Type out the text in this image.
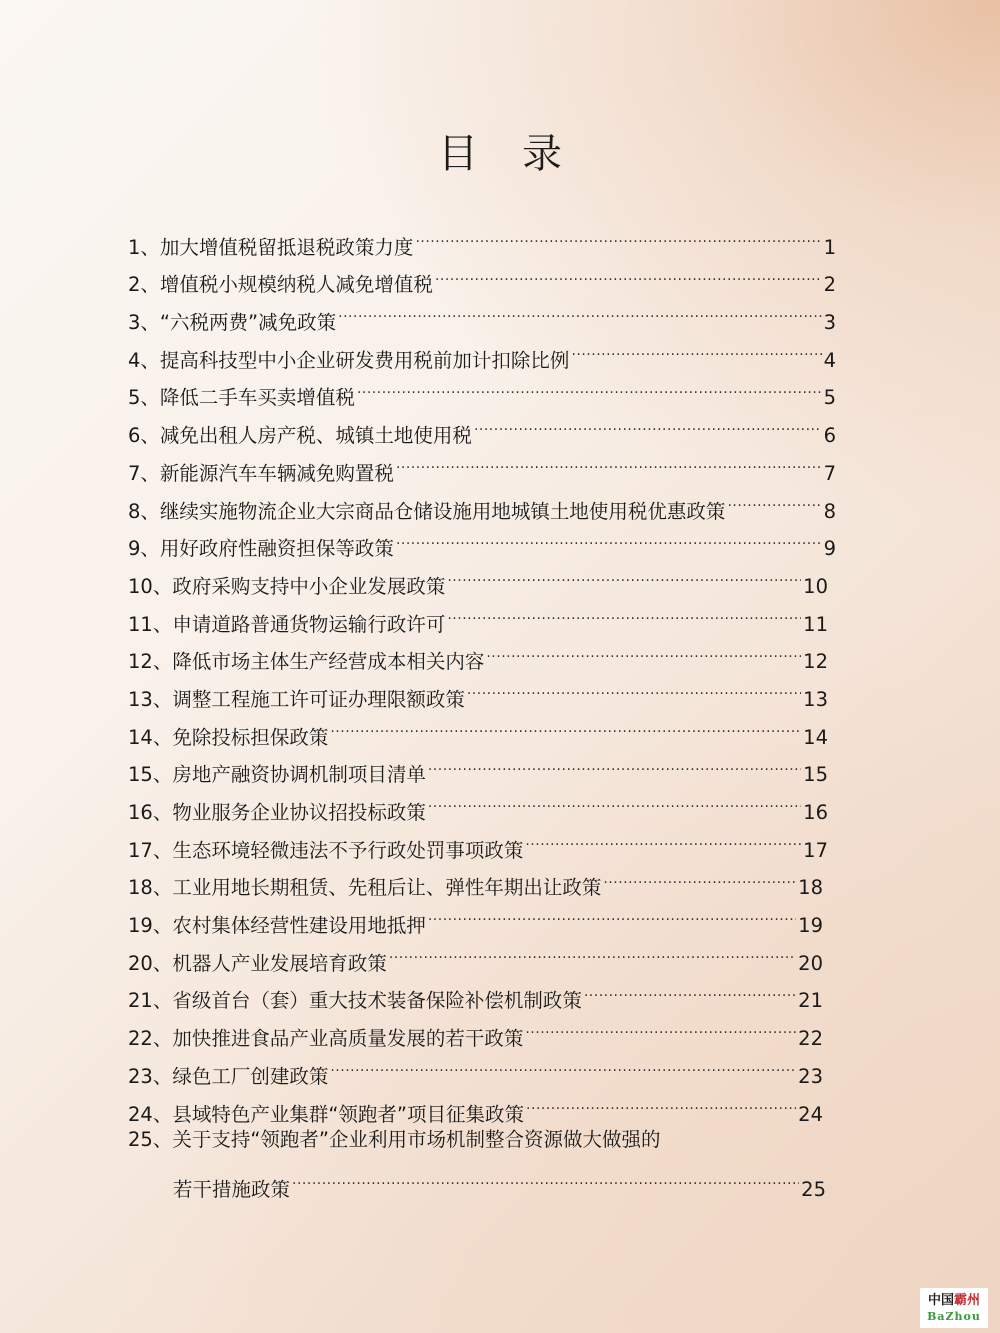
目录
1、 加大增值税留抵退税政策力度 .....	1
2、 增值税小规模纳税人减免增值税 .....	2
3、 “六税两费”减免政策 .....	3
4、 提高科技型中小企业研发费用税前加计扣除比例 .....	4
5、 降低二手车买卖增值税 .....	5
6、 减免出租人房产税、城镇土地使用税 .....	6
7、 新能源汽车车辆减免购置税 .....	7
8、 继续实施物流企业大宗商品仓储设施用地城镇土地使用税优惠政策 .....	8
9、 用好政府性融资担保等政策 .....	9
10、 政府采购支持中小企业发展政策 .....	10
11、 申请道路普通货物运输行政许可 .....	11
12、 降低市场主体生产经营成本相关内容 .....	12
13、 调整工程施工许可证办理限额政策 .....	13
14、 免除投标担保政策 .....	14
15、 房地产融资协调机制项目清单 .....	15
16、 物业服务企业协议招投标政策 .....	16
17、 生态环境轻微违法不予行政处罚事项政策 .....	17
18、 工业用地长期租赁、先租后让、弹性年期出让政策 .....	18
19、 农村集体经营性建设用地抵押 .....	19
20、 机器人产业发展培育政策 .....	20
21、 省级首台（套）重大技术装备保险补偿机制政策 .....	21
22、 加快推进食品产业高质量发展的若干政策 .....	22
23、 绿色工厂创建政策 .....	23
24、 县域特色产业集群“领跑者”项目征集政策 .....	24
25、关于支持“领跑者”企业利用市场机制整合资源做大做强的
若干措施政策 .....	25
中国霸州
BaZhou
